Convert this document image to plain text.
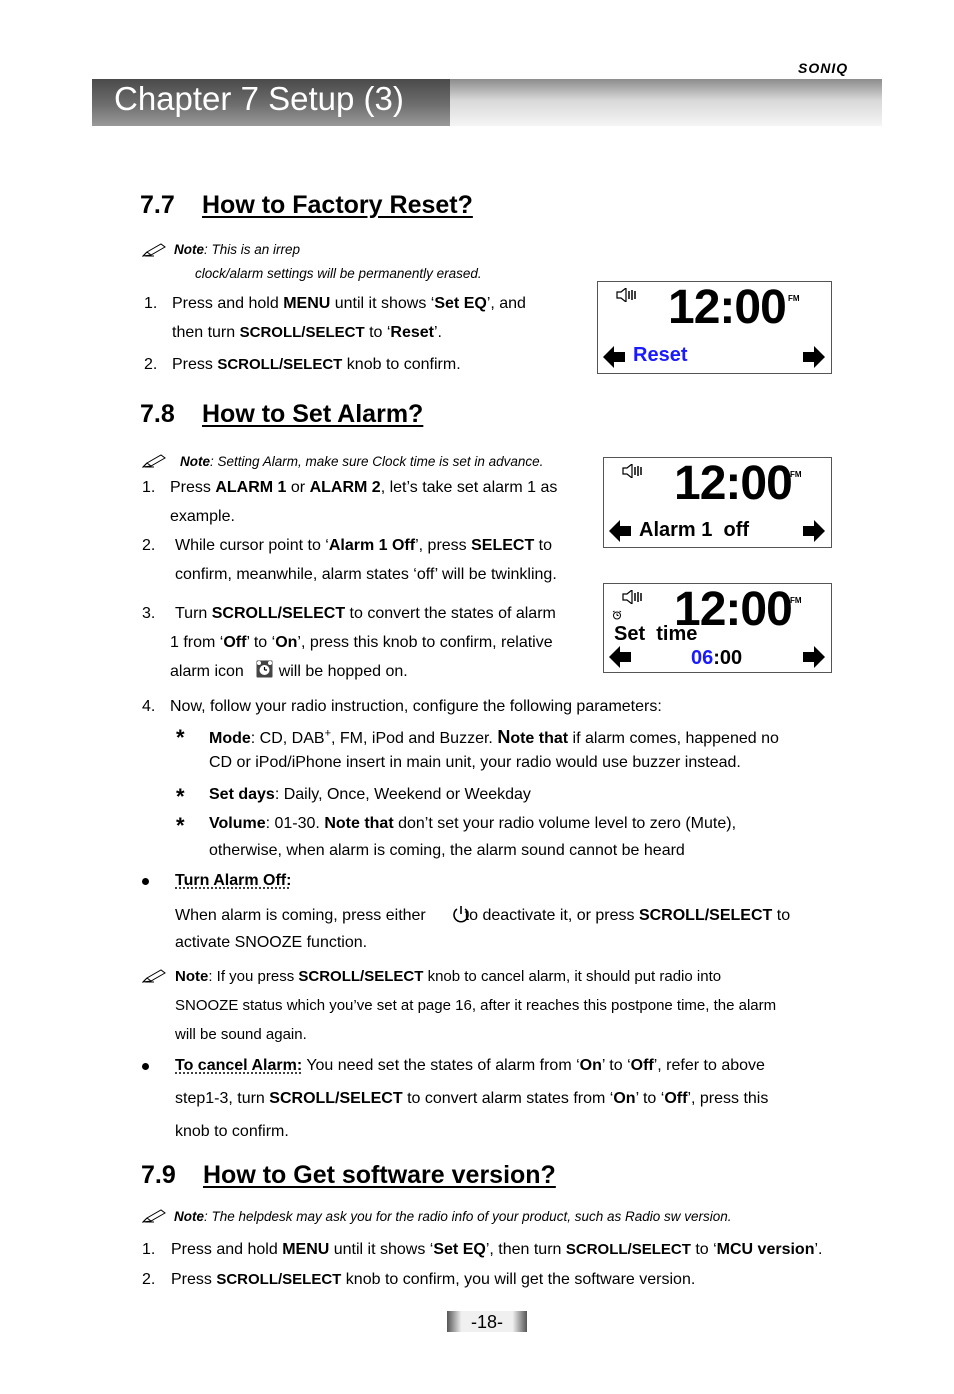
SONIQ
Chapter 7 Setup (3)
7.7 How to Factory Reset?
Note: This is an irrep
clock/alarm settings will be permanently erased.
1. Press and hold MENU until it shows ‘Set EQ’, and
then turn SCROLL/SELECT to ‘Reset’.
2. Press SCROLL/SELECT knob to confirm.
12:00 FM
Reset
7.8 How to Set Alarm?
Note: Setting Alarm, make sure Clock time is set in advance.
1. Press ALARM 1 or ALARM 2, let’s take set alarm 1 as
example.
2. While cursor point to ‘Alarm 1 Off’, press SELECT to
confirm, meanwhile, alarm states ‘off’ will be twinkling.
3. Turn SCROLL/SELECT to convert the states of alarm
1 from ‘Off’ to ‘On’, press this knob to confirm, relative
alarm icon  will be hopped on.
12:00
FM
Alarm 1  off
12:00
FM
Set  time
06:00
4. Now, follow your radio instruction, configure the following parameters:
* Mode: CD, DAB+, FM, iPod and Buzzer. Note that if alarm comes, happened no
CD or iPod/iPhone insert in main unit, your radio would use buzzer instead.
* Set days: Daily, Once, Weekend or Weekday
* Volume: 01-30. Note that don’t set your radio volume level to zero (Mute),
otherwise, when alarm is coming, the alarm sound cannot be heard
Turn Alarm Off:
When alarm is coming, press either  to deactivate it, or press SCROLL/SELECT to
activate SNOOZE function.
Note: If you press SCROLL/SELECT knob to cancel alarm, it should put radio into
SNOOZE status which you’ve set at page 16, after it reaches this postpone time, the alarm
will be sound again.
To cancel Alarm: You need set the states of alarm from ‘On’ to ‘Off’, refer to above
step1-3, turn SCROLL/SELECT to convert alarm states from ‘On’ to ‘Off’, press this
knob to confirm.
7.9 How to Get software version?
Note: The helpdesk may ask you for the radio info of your product, such as Radio sw version.
1. Press and hold MENU until it shows ‘Set EQ’, then turn SCROLL/SELECT to ‘MCU version’.
2. Press SCROLL/SELECT knob to confirm, you will get the software version.
-18-
